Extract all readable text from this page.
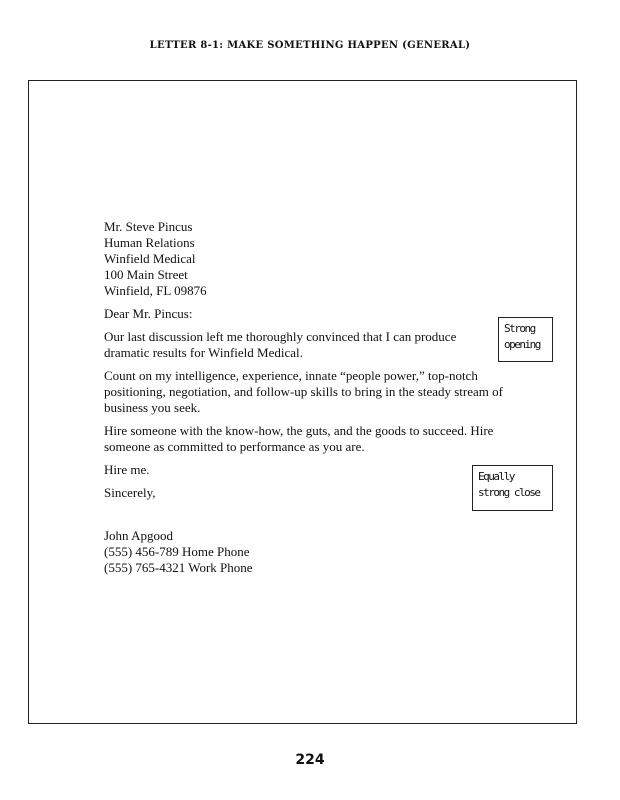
LETTER 8-1: MAKE SOMETHING HAPPEN (GENERAL)
Mr. Steve Pincus
Human Relations
Winfield Medical
100 Main Street
Winfield, FL 09876

Dear Mr. Pincus:

Our last discussion left me thoroughly convinced that I can produce dramatic results for Winfield Medical.

Count on my intelligence, experience, innate “people power,” top-notch positioning, negotiation, and follow-up skills to bring in the steady stream of business you seek.

Hire someone with the know-how, the guts, and the goods to succeed. Hire someone as committed to performance as you are.

Hire me.

Sincerely,

John Apgood
(555) 456-789 Home Phone
(555) 765-4321 Work Phone
Strong opening
Equally strong close
224
